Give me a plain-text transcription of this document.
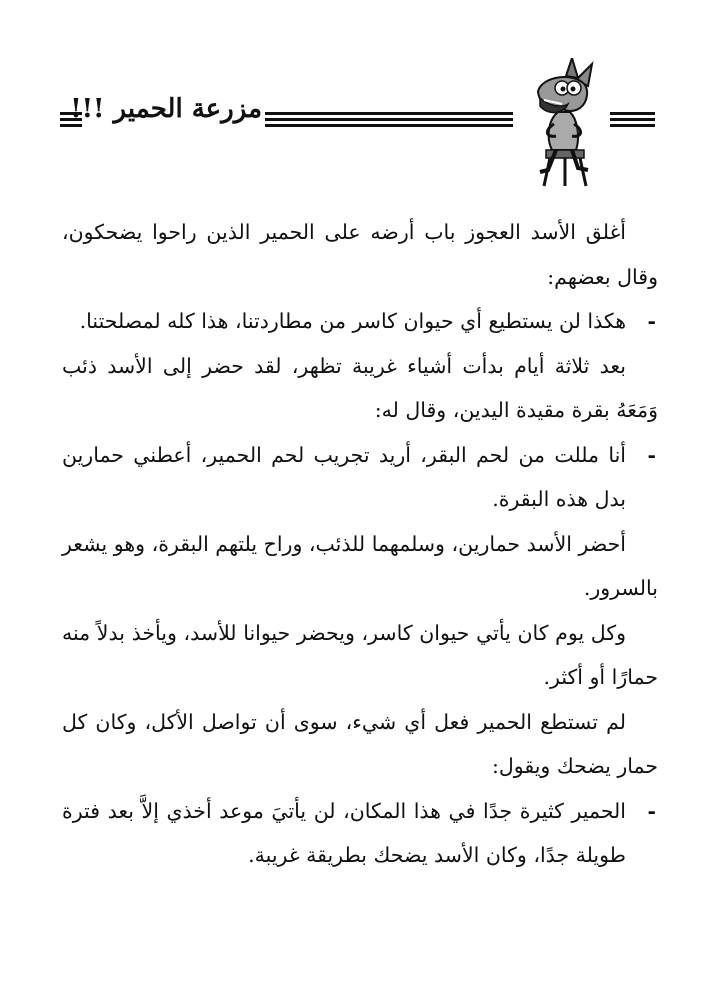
مزرعة الحمير !!!

أغلق الأسد العجوز باب أرضه على الحمير الذين راحوا يضحكون، وقال بعضهم:

-
هكذا لن يستطيع أي حيوان كاسر من مطاردتنا، هذا كله لمصلحتنا.

بعد ثلاثة أيام بدأت أشياء غريبة تظهر، لقد حضر إلى الأسد ذئب وَمَعَهُ بقرة مقيدة اليدين، وقال له:

-
أنا مللت من لحم البقر، أريد تجريب لحم الحمير، أعطني حمارين بدل هذه البقرة.

أحضر الأسد حمارين، وسلمهما للذئب، وراح يلتهم البقرة، وهو يشعر بالسرور.

وكل يوم كان يأتي حيوان كاسر، ويحضر حيوانا للأسد، ويأخذ بدلاً منه حمارًا أو أكثر.

لم تستطع الحمير فعل أي شيء، سوى أن تواصل الأكل، وكان كل حمار يضحك ويقول:

-
الحمير كثيرة جدًا في هذا المكان، لن يأتيَ موعد أخذي إلاَّ بعد فترة طويلة جدًا، وكان الأسد يضحك بطريقة غريبة.
